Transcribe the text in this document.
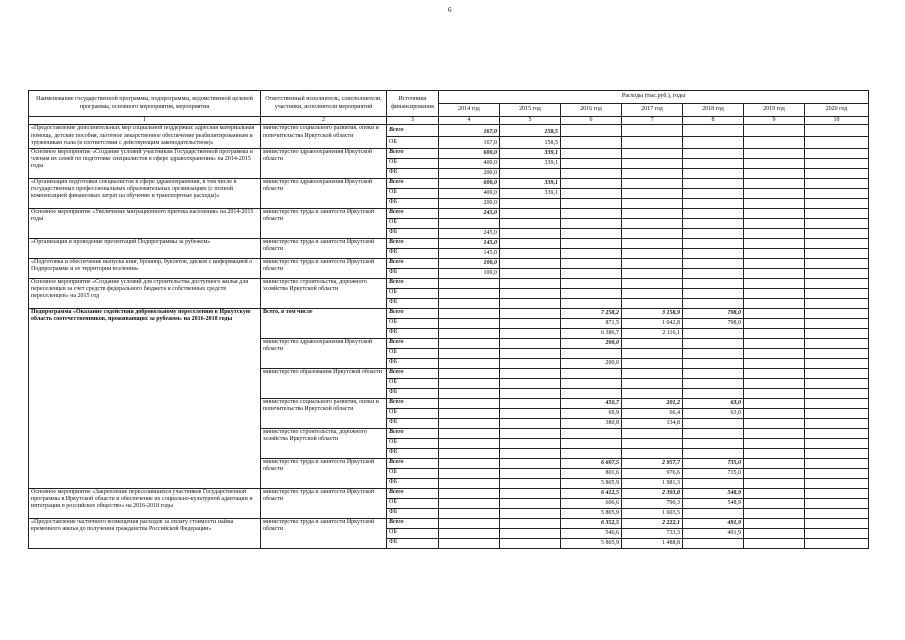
6
Наименование государственной программы, подпрограммы, ведомственной целевой программы, основного мероприятия, мероприятия	Ответственный исполнитель, соисполнители, участники, исполнители мероприятий	Источники финансирования	Расходы (тыс.руб.), годы						
			2014 год	2015 год	2016 год	2017 год	2018 год	2019 год	2020 год
1	2	3	4	5	6	7	8	9	10
«Предоставление дополнительных мер социальной поддержки: адресная материальная помощь, детские пособия, льготное лекарственное обеспечение реабилитированным и труженикам тыла (в соответствии с действующим законодательством)»	министерство социального развития, опеки и попечительства Иркутской области	Всего	167,0	158,5					
		ОБ	167,0	158,5					
Основное мероприятие «Создание условий участникам Государственной программы и членам их семей по подготовке специалистов в сфере здравоохранения» на 2014-2015 годы	министерство здравоохранения Иркутской области	Всего	600,0	339,1					
		ОБ	400,0	339,1					
		ФБ	200,0						
«Организация подготовки специалистов в сфере здравоохранения, в том числе в государственных профессиональных образовательных организациях (с полной компенсацией финансовых затрат на обучение и транспортные расходы)»	министерство здравоохранения Иркутской области	Всего	600,0	339,1					
		ОБ	400,0	339,1					
		ФБ	200,0						
Основное мероприятие «Увеличение миграционного притока населения» на 2014-2015 годы	министерство труда и занятости Иркутской области	Всего	245,0						
		ОБ							
		ФБ	245,0						
«Организация и проведение презентаций Подпрограммы за рубежом»	министерство труда и занятости Иркутской области	Всего	145,0						
		ФБ	145,0						
«Подготовка и обеспечение выпуска книг, брошюр, буклетов, дисков с информацией о Подпрограмме и ее территории вселения»	министерство труда и занятости Иркутской области	Всего	100,0						
		ФБ	100,0						
Основное мероприятие «Создание условий для строительства доступного жилья для переселенцев за счет средств федерального бюджета и собственных средств переселенцев» на 2015 год	министерство строительства, дорожного хозяйства Иркутской области	Всего							
		ОБ							
		ФБ							
Подпрограмма «Оказание содействия добровольному переселению в Иркутскую область соотечественников, проживающих за рубежом» на 2016-2018 годы	Всего, в том числе	Всего			7 258,2	3 158,9	798,0		
		ОБ			871,5	1 042,8	798,0		
		ФБ			6 386,7	2 116,1			
	министерство здравоохранения Иркутской области	Всего			200,0				
		ОБ							
		ФБ			200,0				
	министерство образования Иркутской области	Всего							
		ОБ							
		ФБ							
	министерство социального развития, опеки и попечительства Иркутской области	Всего			450,7	201,2	63,0		
		ОБ			69,9	66,4	63,0		
		ФБ			380,8	134,8			
	министерство строительства, дорожного хозяйства Иркутской области	Всего							
		ОБ							
		ФБ							
	министерство труда и занятости Иркутской области	Всего			6 607,5	2 957,7	735,0		
		ОБ			801,6	976,6	735,0		
		ФБ			5 805,9	1 981,3			
Основное мероприятие «Закрепление переселившихся участников Государственной программы в Иркутской области и обеспечение их социально-культурной адаптации и интеграции в российское общество» на 2016-2018 годы	министерство труда и занятости Иркутской области	Всего			6 412,5	2 393,8	548,9		
		ОБ			606,6	790,3	548,9		
		ФБ			5 805,9	1 603,5			
«Предоставление частичного возмещения расходов за оплату стоимости найма временного жилья до получения гражданства Российской Федерации»	министерство труда и занятости Иркутской области	Всего			6 352,5	2 222,1	491,9		
		ОБ			546,6	733,3	491,9		
		ФБ			5 805,9	1 488,8			
